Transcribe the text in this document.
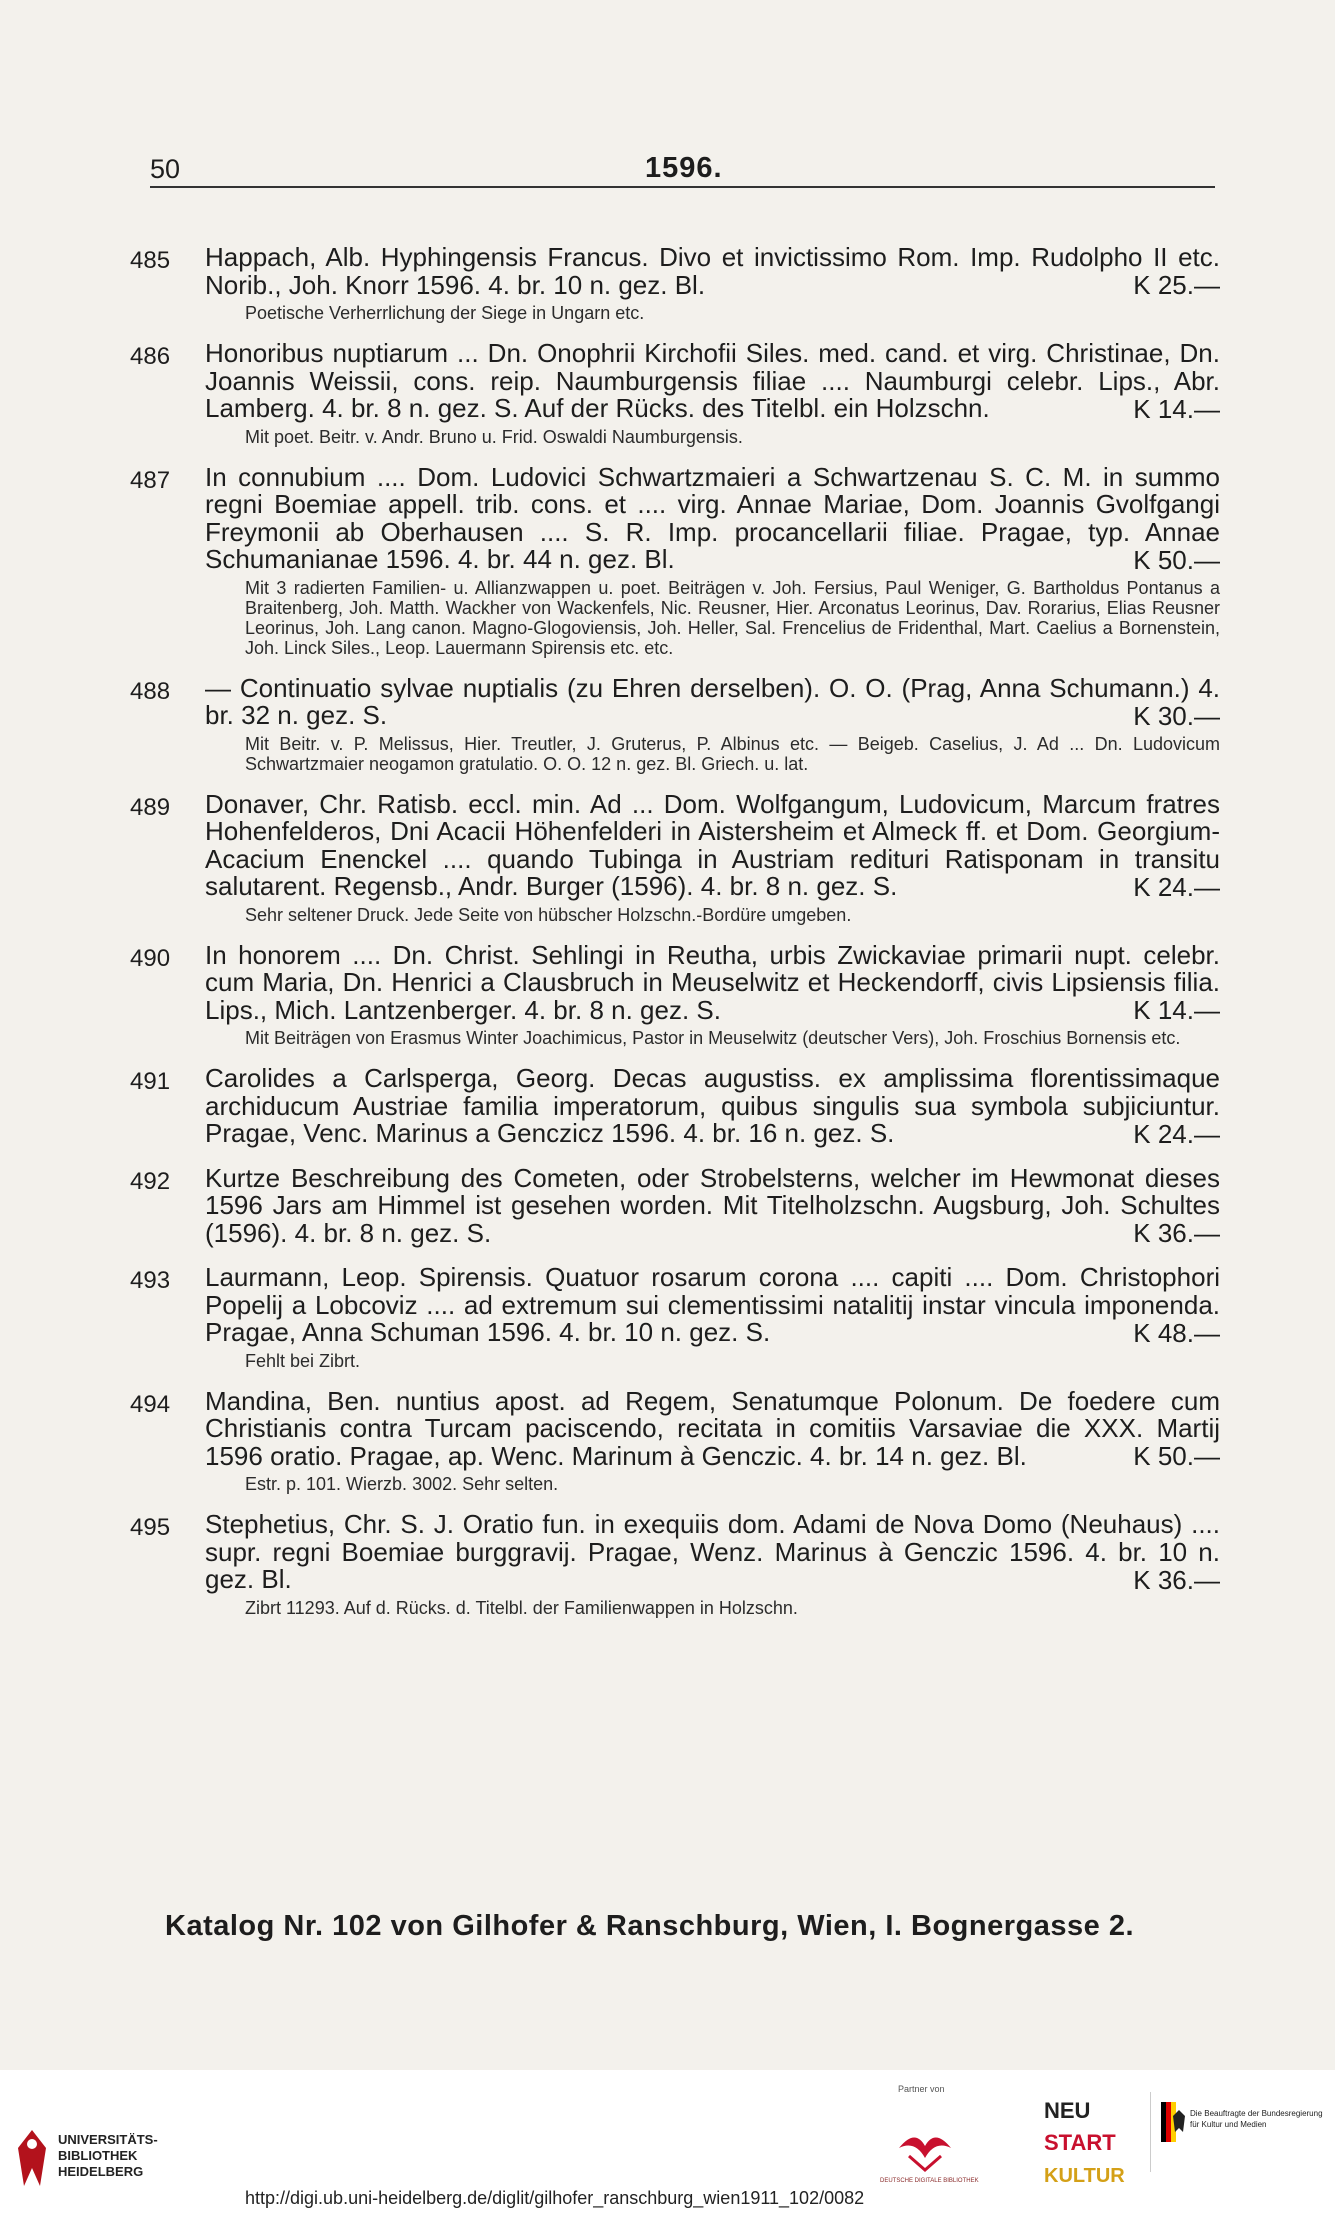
50	1596.
485 Happach, Alb. Hyphingensis Francus. Divo et invictissimo Rom. Imp. Rudolpho II etc. Norib., Joh. Knorr 1596. 4. br. 10 n. gez. Bl.	K 25.—
Poetische Verherrlichung der Siege in Ungarn etc.
486 Honoribus nuptiarum ... Dn. Onophrii Kirchofii Siles. med. cand. et virg. Christinae, Dn. Joannis Weissii, cons. reip. Naumburgensis filiae .... Naumburgi celebr. Lips., Abr. Lamberg. 4. br. 8 n. gez. S. Auf der Rücks. des Titelbl. ein Holzschn.	K 14.—
Mit poet. Beitr. v. Andr. Bruno u. Frid. Oswaldi Naumburgensis.
487 In connubium .... Dom. Ludovici Schwartzmaieri a Schwartzenau S. C. M. in summo regni Boemiae appell. trib. cons. et .... virg. Annae Mariae, Dom. Joannis Gvolfgangi Freymonii ab Oberhausen .... S. R. Imp. procancellarii filiae. Pragae, typ. Annae Schumanianae 1596. 4. br. 44 n. gez. Bl.	K 50.—
Mit 3 radierten Familien- u. Allianzwappen u. poet. Beiträgen v. Joh. Fersius, Paul Weniger, G. Bartholdus Pontanus a Braitenberg, Joh. Matth. Wackher von Wackenfels, Nic. Reusner, Hier. Arconatus Leorinus, Dav. Rorarius, Elias Reusner Leorinus, Joh. Lang canon. Magno-Glogoviensis, Joh. Heller, Sal. Frencelius de Fridenthal, Mart. Caelius a Bornenstein, Joh. Linck Siles., Leop. Lauermann Spirensis etc. etc.
488 — Continuatio sylvae nuptialis (zu Ehren derselben). O. O. (Prag, Anna Schumann.) 4. br. 32 n. gez. S.	K 30.—
Mit Beitr. v. P. Melissus, Hier. Treutler, J. Gruterus, P. Albinus etc. — Beigeb. Caselius, J. Ad ... Dn. Ludovicum Schwartzmaier neogamon gratulatio. O. O. 12 n. gez. Bl. Griech. u. lat.
489 Donaver, Chr. Ratisb. eccl. min. Ad ... Dom. Wolfgangum, Ludovicum, Marcum fratres Hohenfelderos, Dni Acacii Höhenfelderi in Aistersheim et Almeck ff. et Dom. Georgium-Acacium Enenckel .... quando Tubinga in Austriam redituri Ratisponam in transitu salutarent. Regensb., Andr. Burger (1596). 4. br. 8 n. gez. S.	K 24.—
Sehr seltener Druck. Jede Seite von hübscher Holzschn.-Bordüre umgeben.
490 In honorem .... Dn. Christ. Sehlingi in Reutha, urbis Zwickaviae primarii nupt. celebr. cum Maria, Dn. Henrici a Clausbruch in Meuselwitz et Heckendorff, civis Lipsiensis filia. Lips., Mich. Lantzenberger. 4. br. 8 n. gez. S.	K 14.—
Mit Beiträgen von Erasmus Winter Joachimicus, Pastor in Meuselwitz (deutscher Vers), Joh. Froschius Bornensis etc.
491 Carolides a Carlsperga, Georg. Decas augustiss. ex amplissima florentissimaque archiducum Austriae familia imperatorum, quibus singulis sua symbola subjiciuntur. Pragae, Venc. Marinus a Genczicz 1596. 4. br. 16 n. gez. S.	K 24.—
492 Kurtze Beschreibung des Cometen, oder Strobelsterns, welcher im Hewmonat dieses 1596 Jars am Himmel ist gesehen worden. Mit Titelholzschn. Augsburg, Joh. Schultes (1596). 4. br. 8 n. gez. S.	K 36.—
493 Laurmann, Leop. Spirensis. Quatuor rosarum corona .... capiti .... Dom. Christophori Popelij a Lobcoviz .... ad extremum sui clementissimi natalitij instar vincula imponenda. Pragae, Anna Schuman 1596. 4. br. 10 n. gez. S.	K 48.—
Fehlt bei Zibrt.
494 Mandina, Ben. nuntius apost. ad Regem, Senatumque Polonum. De foedere cum Christianis contra Turcam paciscendo, recitata in comitiis Varsaviae die XXX. Martij 1596 oratio. Pragae, ap. Wenc. Marinum à Genczic. 4. br. 14 n. gez. Bl.	K 50.—
Estr. p. 101. Wierzb. 3002. Sehr selten.
495 Stephetius, Chr. S. J. Oratio fun. in exequiis dom. Adami de Nova Domo (Neuhaus) .... supr. regni Boemiae burggravij. Pragae, Wenz. Marinus à Genczic 1596. 4. br. 10 n. gez. Bl.	K 36.—
Zibrt 11293. Auf d. Rücks. d. Titelbl. der Familienwappen in Holzschn.
Katalog Nr. 102 von Gilhofer & Ranschburg, Wien, I. Bognergasse 2.
UNIVERSITÄTS-
BIBLIOTHEK
HEIDELBERG
Partner von
DEUTSCHE DIGITALE BIBLIOTHEK
NEU
START
KULTUR
Die Beauftragte der Bundesregierung
für Kultur und Medien
http://digi.ub.uni-heidelberg.de/diglit/gilhofer_ranschburg_wien1911_102/0082
